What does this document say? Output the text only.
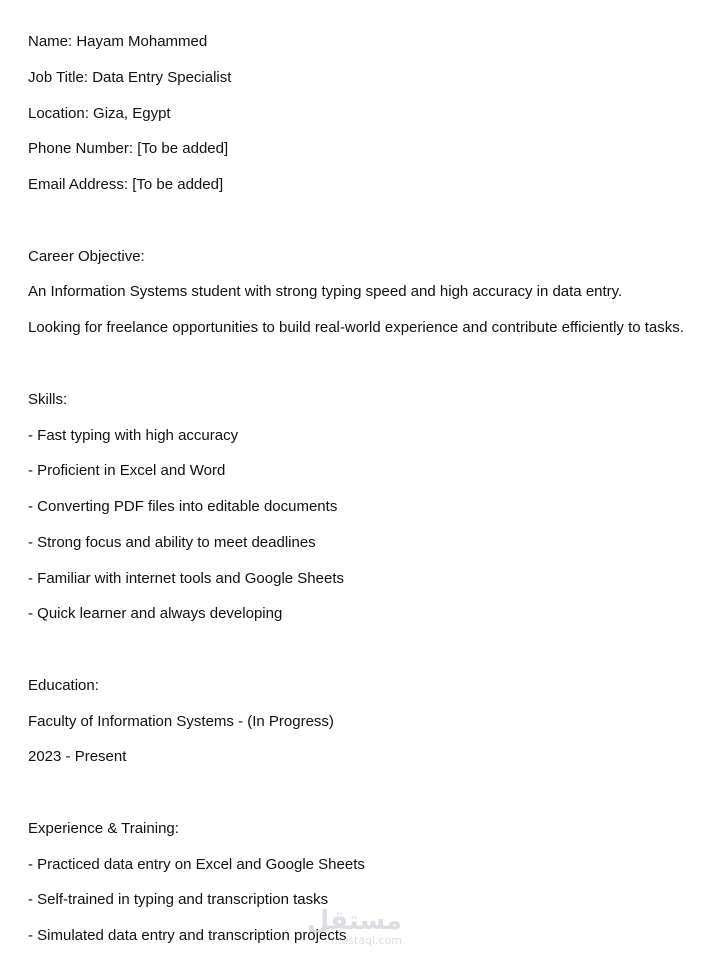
Name: Hayam Mohammed
Job Title: Data Entry Specialist
Location: Giza, Egypt
Phone Number: [To be added]
Email Address: [To be added]
Career Objective:
An Information Systems student with strong typing speed and high accuracy in data entry.
Looking for freelance opportunities to build real-world experience and contribute efficiently to tasks.
Skills:
- Fast typing with high accuracy
- Proficient in Excel and Word
- Converting PDF files into editable documents
- Strong focus and ability to meet deadlines
- Familiar with internet tools and Google Sheets
- Quick learner and always developing
Education:
Faculty of Information Systems - (In Progress)
2023 - Present
Experience & Training:
- Practiced data entry on Excel and Google Sheets
- Self-trained in typing and transcription tasks
- Simulated data entry and transcription projects
مستقل
mostaql.com
